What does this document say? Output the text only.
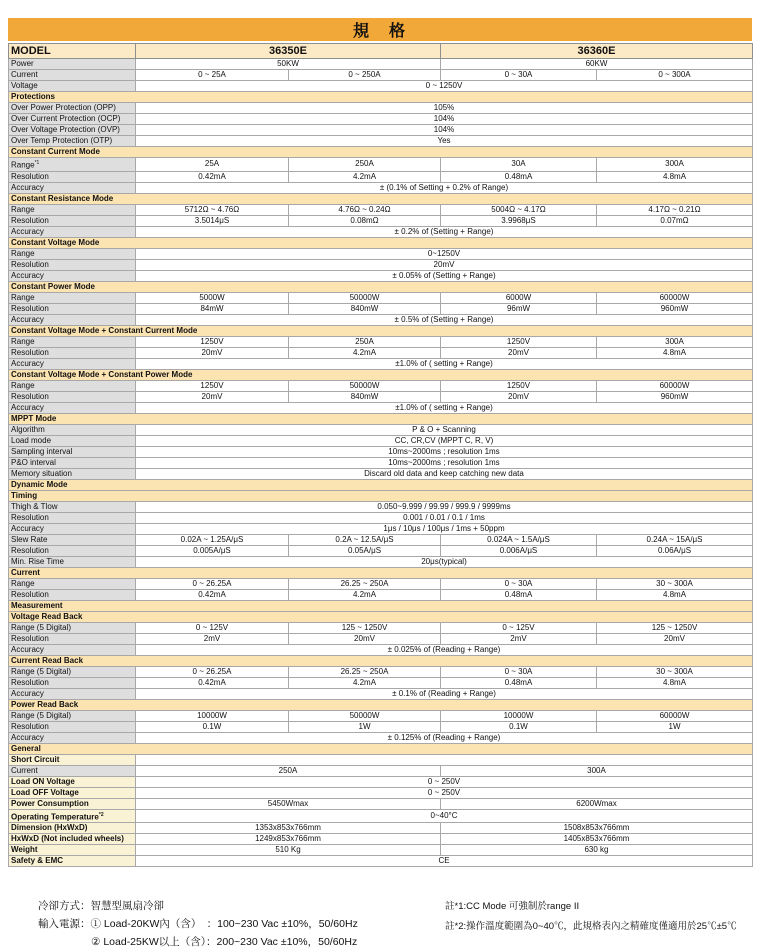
規　格
MODEL	36350E		36360E	
Power	50KW		60KW	
Current	0 ~ 25A	0 ~ 250A	0 ~ 30A	0 ~ 300A
Voltage	0 ~ 1250V			
Protections				
Over Power Protection (OPP)	105%			
Over Current Protection (OCP)	104%			
Over Voltage Protection (OVP)	104%			
Over Temp Protection (OTP)	Yes			
Constant Current Mode				
Range$^{*1}$	25A	250A	30A	300A
Resolution	0.42mA	4.2mA	0.48mA	4.8mA
Accuracy	± (0.1% of Setting + 0.2% of Range)			
Constant Resistance Mode				
Range	5712Ω ~ 4.76Ω	4.76Ω ~ 0.24Ω	5004Ω ~ 4.17Ω	4.17Ω ~ 0.21Ω
Resolution	3.5014μS	0.08mΩ	3.9968μS	0.07mΩ
Accuracy	± 0.2% of (Setting + Range)			
Constant Voltage Mode				
Range	0~1250V			
Resolution	20mV			
Accuracy	± 0.05% of (Setting + Range)			
Constant Power Mode				
Range	5000W	50000W	6000W	60000W
Resolution	84mW	840mW	96mW	960mW
Accuracy	± 0.5% of (Setting + Range)			
Constant Voltage Mode + Constant Current Mode				
Range	1250V	250A	1250V	300A
Resolution	20mV	4.2mA	20mV	4.8mA
Accuracy	±1.0% of ( setting + Range)			
Constant Voltage Mode + Constant Power Mode				
Range	1250V	50000W	1250V	60000W
Resolution	20mV	840mW	20mV	960mW
Accuracy	±1.0% of ( setting + Range)			
MPPT Mode				
Algorithm	P & O + Scanning			
Load mode	CC, CR,CV (MPPT C, R, V)			
Sampling interval	10ms~2000ms ; resolution 1ms			
P&O interval	10ms~2000ms ; resolution 1ms			
Memory situation	Discard old data and keep catching new data			
Dynamic Mode				
Timing				
Thigh & Tlow	0.050~9.999 / 99.99 / 999.9 / 9999ms			
Resolution	0.001 / 0.01 / 0.1 / 1ms			
Accuracy	1μs / 10μs / 100μs / 1ms + 50ppm			
Slew Rate	0.02A ~ 1.25A/μS	0.2A ~ 12.5A/μS	0.024A ~ 1.5A/μS	0.24A ~ 15A/μS
Resolution	0.005A/μS	0.05A/μS	0.006A/μS	0.06A/μS
Min. Rise Time	20μs(typical)			
Current				
Range	0 ~ 26.25A	26.25 ~ 250A	0 ~ 30A	30 ~ 300A
Resolution	0.42mA	4.2mA	0.48mA	4.8mA
Measurement				
Voltage Read Back				
Range (5 Digital)	0 ~ 125V	125 ~ 1250V	0 ~ 125V	125 ~ 1250V
Resolution	2mV	20mV	2mV	20mV
Accuracy	± 0.025% of (Reading + Range)			
Current Read Back				
Range (5 Digital)	0 ~ 26.25A	26.25 ~ 250A	0 ~ 30A	30 ~ 300A
Resolution	0.42mA	4.2mA	0.48mA	4.8mA
Accuracy	± 0.1% of (Reading + Range)			
Power Read Back				
Range (5 Digital)	10000W	50000W	10000W	60000W
Resolution	0.1W	1W	0.1W	1W
Accuracy	± 0.125% of (Reading + Range)			
General				
Short Circuit				
Current	250A		300A	
Load ON Voltage	0 ~ 250V			
Load OFF Voltage	0 ~ 250V			
Power Consumption	5450Wmax		6200Wmax	
Operating Temperature$^{*2}$	0~40°C			
Dimension (HxWxD)	1353x853x766mm		1508x853x766mm	
HxWxD (Not included wheels)	1249x853x766mm		1405x853x766mm	
Weight	510 Kg		630 kg	
Safety & EMC	CE			
冷卻方式：智慧型風扇冷卻
輸入電源：① Load-20KW內（含）　：100~230 Vac ±10%，50/60Hz
② Load-25KW以上（含）：200~230 Vac ±10%，50/60Hz
註*1:CC Mode 可強制於range II
註*2:操作溫度範圍為0~40℃，此規格表內之精確度僅適用於25℃±5℃
